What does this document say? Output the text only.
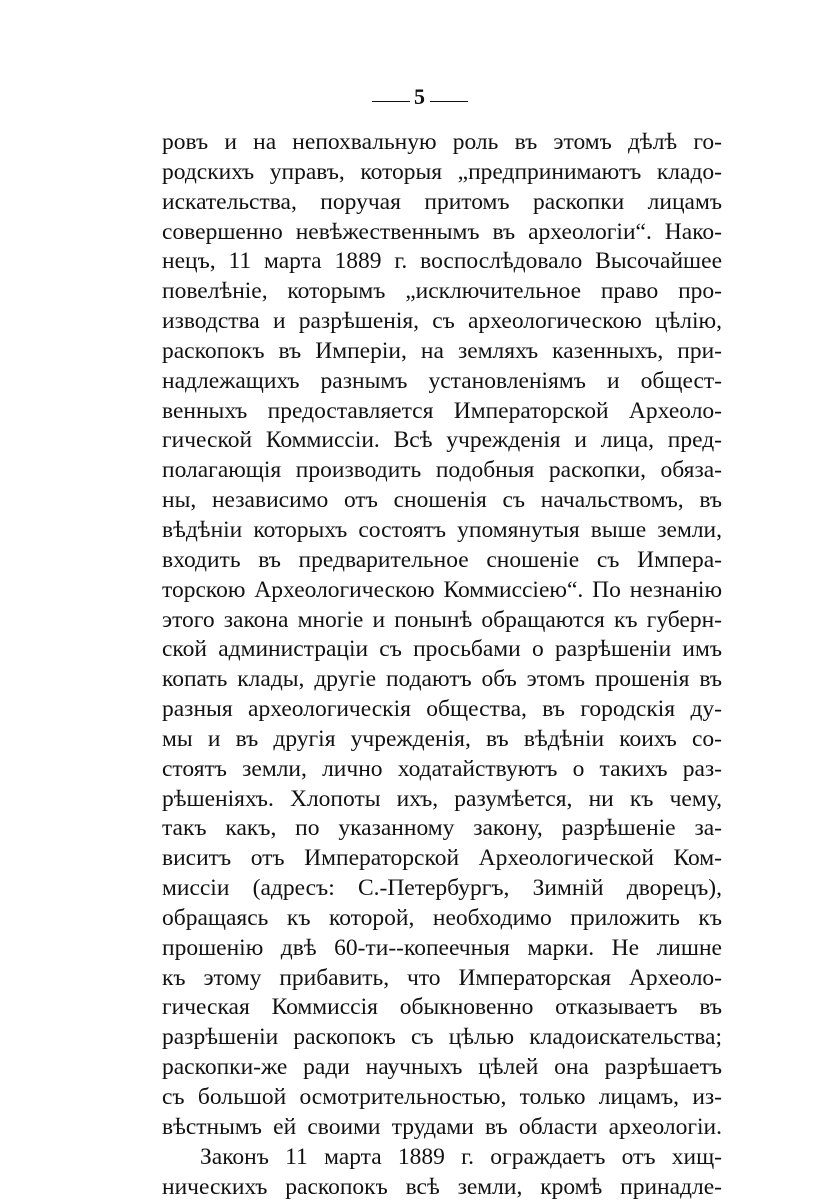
5
ровъ и на непохвальную роль въ этомъ дѣлѣ го-
родскихъ управъ, которыя „предпринимаютъ кладо-
искательства, поручая притомъ раскопки лицамъ
совершенно невѣжественнымъ въ археологіи“. Нако-
нецъ, 11 марта 1889 г. воспослѣдовало Высочайшее
повелѣніе, которымъ „исключительное право про-
изводства и разрѣшенія, съ археологическою цѣлію,
раскопокъ въ Имперіи, на земляхъ казенныхъ, при-
надлежащихъ разнымъ установленіямъ и общест-
венныхъ предоставляется Императорской Археоло-
гической Коммиссіи. Всѣ учрежденія и лица, пред-
полагающія производить подобныя раскопки, обяза-
ны, независимо отъ сношенія съ начальствомъ, въ
вѣдѣніи которыхъ состоятъ упомянутыя выше земли,
входить въ предварительное сношеніе съ Импера-
торскою Археологическою Коммиссіею“. По незнанію
этого закона многіе и понынѣ обращаются къ губерн-
ской администраціи съ просьбами о разрѣшеніи имъ
копать клады, другіе подаютъ объ этомъ прошенія въ
разныя археологическія общества, въ городскія ду-
мы и въ другія учрежденія, въ вѣдѣніи коихъ со-
стоятъ земли, лично ходатайствуютъ о такихъ раз-
рѣшеніяхъ. Хлопоты ихъ, разумѣется, ни къ чему,
такъ какъ, по указанному закону, разрѣшеніе за-
виситъ отъ Императорской Археологической Ком-
миссіи (адресъ: С.-Петербургъ, Зимній дворецъ),
обращаясь къ которой, необходимо приложить къ
прошенію двѣ 60-ти--копеечныя марки. Не лишне
къ этому прибавить, что Императорская Археоло-
гическая Коммиссія обыкновенно отказываетъ въ
разрѣшеніи раскопокъ съ цѣлью кладоискательства;
раскопки-же ради научныхъ цѣлей она разрѣшаетъ
съ большой осмотрительностью, только лицамъ, из-
вѣстнымъ ей своими трудами въ области археологіи.
Законъ 11 марта 1889 г. ограждаетъ отъ хищ-
ническихъ раскопокъ всѣ земли, кромѣ принадле-
